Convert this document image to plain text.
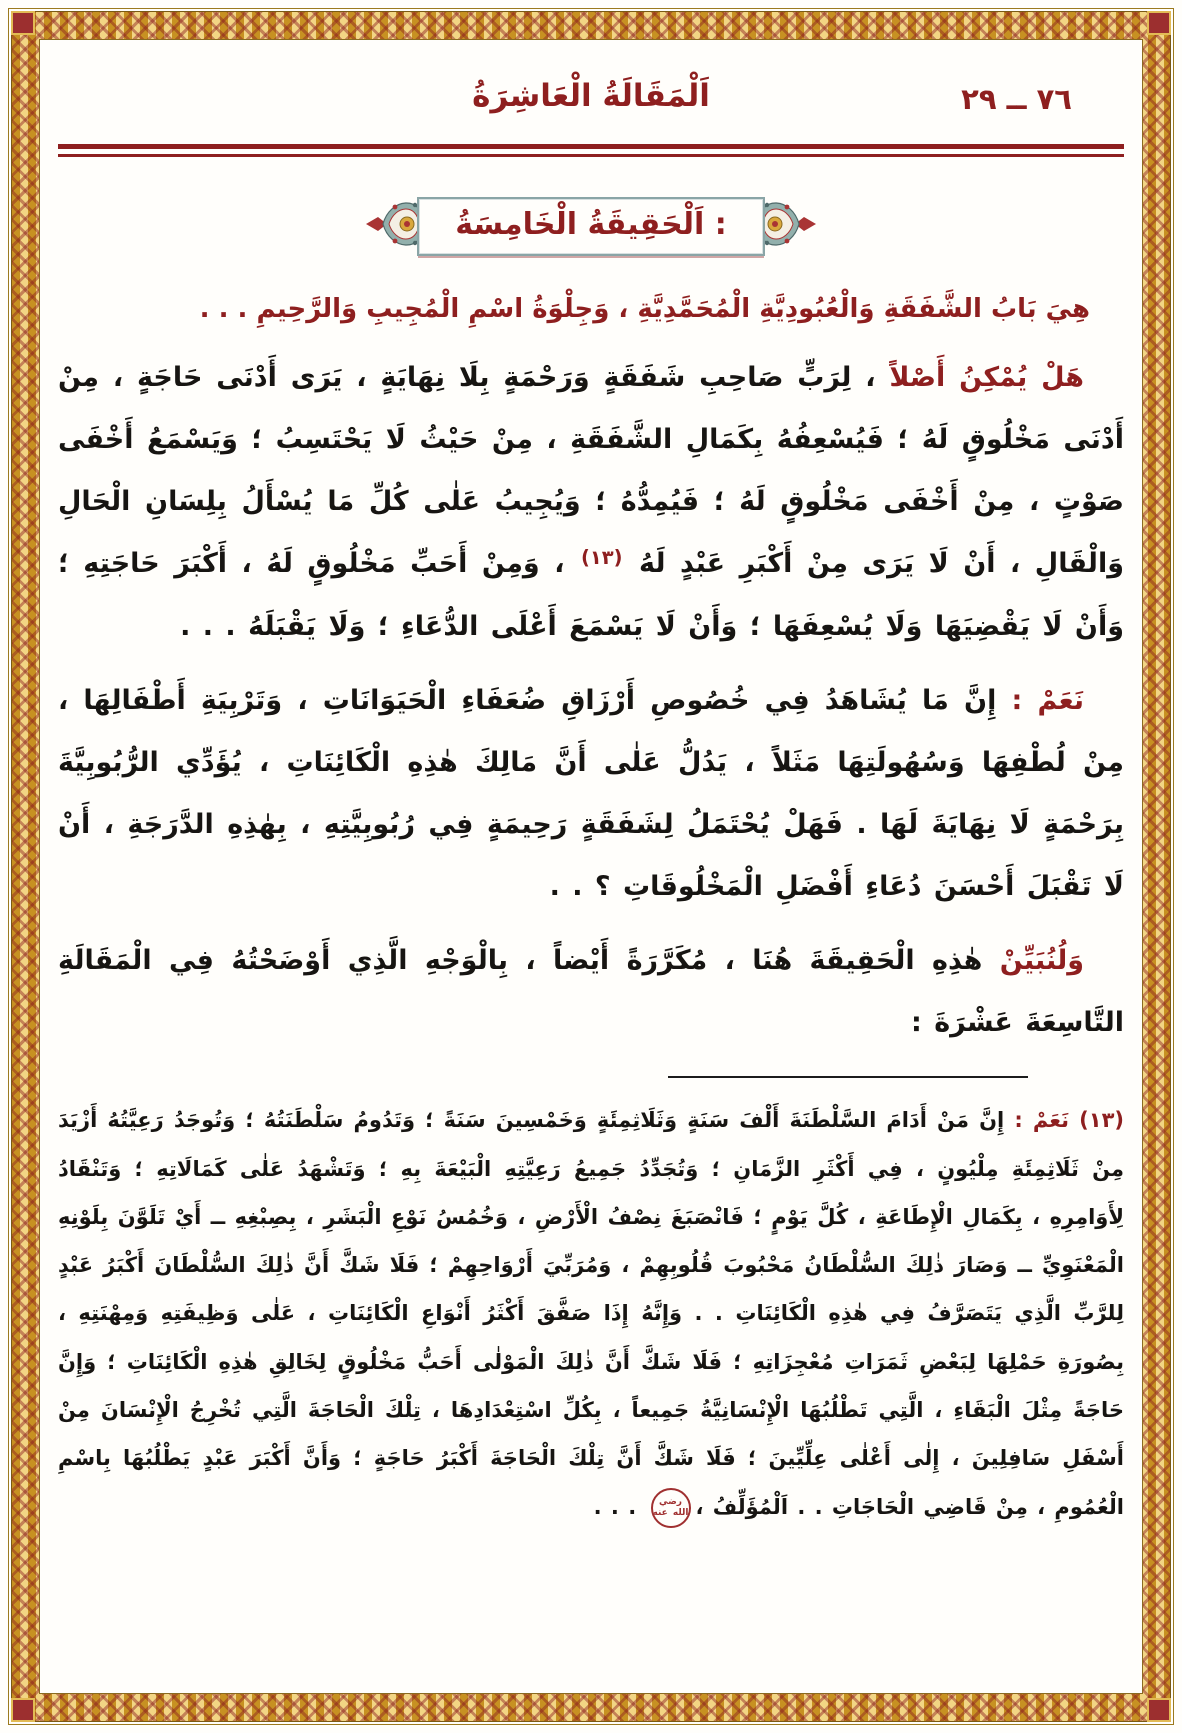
٧٦ ــ ٢٩
اَلْمَقَالَةُ الْعَاشِرَةُ
اَلْحَقِيقَةُ الْخَامِسَةُ :

هِيَ بَابُ الشَّفَقَةِ وَالْعُبُودِيَّةِ الْمُحَمَّدِيَّةِ ، وَجِلْوَةُ اسْمِ الْمُجِيبِ وَالرَّحِيمِ . . .

هَلْ يُمْكِنُ أَصْلاً ، لِرَبٍّ صَاحِبِ شَفَقَةٍ وَرَحْمَةٍ بِلَا نِهَايَةٍ ، يَرَى أَدْنَى حَاجَةٍ ، مِنْ أَدْنَى مَخْلُوقٍ لَهُ ؛ فَيُسْعِفُهُ بِكَمَالِ الشَّفَقَةِ ، مِنْ حَيْثُ لَا يَحْتَسِبُ ؛ وَيَسْمَعُ أَخْفَى صَوْتٍ ، مِنْ أَخْفَى مَخْلُوقٍ لَهُ ؛ فَيُمِدُّهُ ؛ وَيُجِيبُ عَلٰى كُلِّ مَا يُسْأَلُ بِلِسَانِ الْحَالِ وَالْقَالِ ، أَنْ لَا يَرَى مِنْ أَكْبَرِ عَبْدٍ لَهُ $^{(١٣)}$ ، وَمِنْ أَحَبِّ مَخْلُوقٍ لَهُ ، أَكْبَرَ حَاجَتِهِ ؛ وَأَنْ لَا يَقْضِيَهَا وَلَا يُسْعِفَهَا ؛ وَأَنْ لَا يَسْمَعَ أَعْلَى الدُّعَاءِ ؛ وَلَا يَقْبَلَهُ . . .

نَعَمْ : إِنَّ مَا يُشَاهَدُ فِي خُصُوصِ أَرْزَاقِ ضُعَفَاءِ الْحَيَوَانَاتِ ، وَتَرْبِيَةِ أَطْفَالِهَا ، مِنْ لُطْفِهَا وَسُهُولَتِهَا مَثَلاً ، يَدُلُّ عَلٰى أَنَّ مَالِكَ هٰذِهِ الْكَائِنَاتِ ، يُؤَدِّي الرُّبُوبِيَّةَ بِرَحْمَةٍ لَا نِهَايَةَ لَهَا . فَهَلْ يُحْتَمَلُ لِشَفَقَةٍ رَحِيمَةٍ فِي رُبُوبِيَّتِهِ ، بِهٰذِهِ الدَّرَجَةِ ، أَنْ لَا تَقْبَلَ أَحْسَنَ دُعَاءِ أَفْضَلِ الْمَخْلُوقَاتِ ؟ . .

وَلُنُبَيِّنْ هٰذِهِ الْحَقِيقَةَ هُنَا ، مُكَرَّرَةً أَيْضاً ، بِالْوَجْهِ الَّذِي أَوْضَحْتُهُ فِي الْمَقَالَةِ التَّاسِعَةَ عَشْرَةَ :

(١٣) نَعَمْ : إِنَّ مَنْ أَدَامَ السَّلْطَنَةَ أَلْفَ سَنَةٍ وَثَلَاثِمِئَةٍ وَخَمْسِينَ سَنَةً ؛ وَتَدُومُ سَلْطَنَتُهُ ؛ وَتُوجَدُ رَعِيَّتُهُ أَزْيَدَ مِنْ ثَلَاثِمِئَةِ مِلْيُونٍ ، فِي أَكْثَرِ الزَّمَانِ ؛ وَتُجَدِّدُ جَمِيعُ رَعِيَّتِهِ الْبَيْعَةَ بِهِ ؛ وَتَشْهَدُ عَلٰى كَمَالَاتِهِ ؛ وَتَنْقَادُ لِأَوَامِرِهِ ، بِكَمَالِ الْإِطَاعَةِ ، كُلَّ يَوْمٍ ؛ فَانْصَبَغَ نِصْفُ الْأَرْضِ ، وَخُمُسُ نَوْعِ الْبَشَرِ ، بِصِبْغِهِ ــ أَيْ تَلَوَّنَ بِلَوْنِهِ الْمَعْنَوِيِّ ــ وَصَارَ ذٰلِكَ السُّلْطَانُ مَحْبُوبَ قُلُوبِهِمْ ، وَمُرَبِّيَ أَرْوَاحِهِمْ ؛ فَلَا شَكَّ أَنَّ ذٰلِكَ السُّلْطَانَ أَكْبَرُ عَبْدٍ لِلرَّبِّ الَّذِي يَتَصَرَّفُ فِي هٰذِهِ الْكَائِنَاتِ . . وَإِنَّهُ إِذَا صَفَّقَ أَكْثَرُ أَنْوَاعِ الْكَائِنَاتِ ، عَلٰى وَظِيفَتِهِ وَمِهْنَتِهِ ، بِصُورَةِ حَمْلِهَا لِبَعْضِ ثَمَرَاتِ مُعْجِزَاتِهِ ؛ فَلَا شَكَّ أَنَّ ذٰلِكَ الْمَوْلٰى أَحَبُّ مَخْلُوقٍ لِخَالِقِ هٰذِهِ الْكَائِنَاتِ ؛ وَإِنَّ حَاجَةً مِثْلَ الْبَقَاءِ ، الَّتِي تَطْلُبُهَا الْإِنْسَانِيَّةُ جَمِيعاً ، بِكُلِّ اسْتِعْدَادِهَا ، تِلْكَ الْحَاجَةَ الَّتِي تُخْرِجُ الْإِنْسَانَ مِنْ أَسْفَلِ سَافِلِينَ ، إِلٰى أَعْلٰى عِلِّيِّينَ ؛ فَلَا شَكَّ أَنَّ تِلْكَ الْحَاجَةَ أَكْبَرُ حَاجَةٍ ؛ وَأَنَّ أَكْبَرَ عَبْدٍ يَطْلُبُهَا بِاسْمِ الْعُمُومِ ، مِنْ قَاضِي الْحَاجَاتِ . . اَلْمُؤَلِّفُ ،رضي الله عنه . . .
